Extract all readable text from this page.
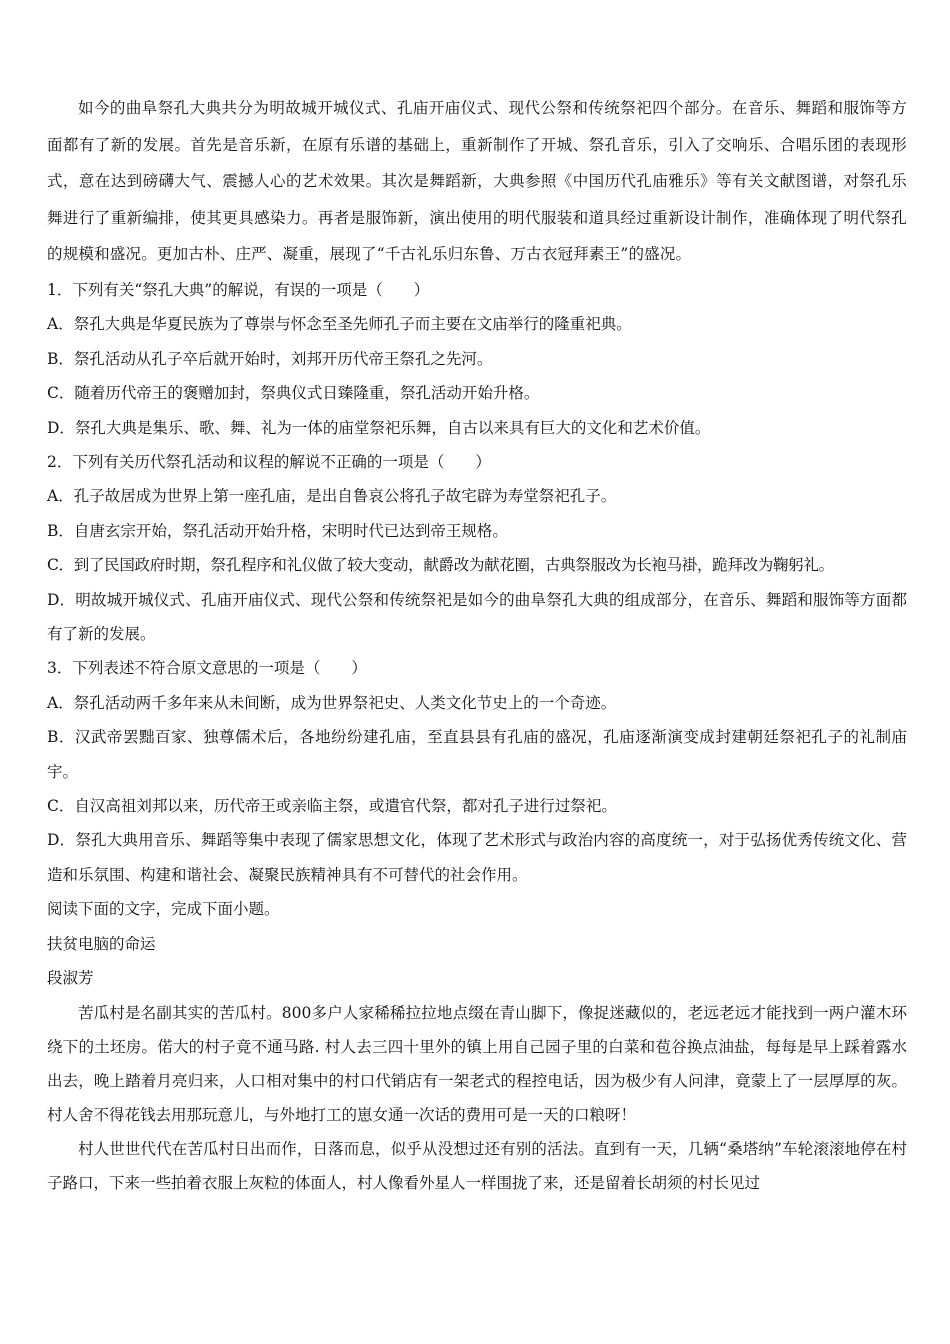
如今的曲阜祭孔大典共分为明故城开城仪式、孔庙开庙仪式、现代公祭和传统祭祀四个部分。在音乐、舞蹈和服饰等方面都有了新的发展。首先是音乐新，在原有乐谱的基础上，重新制作了开城、祭孔音乐，引入了交响乐、合唱乐团的表现形式，意在达到磅礴大气、震撼人心的艺术效果。其次是舞蹈新，大典参照《中国历代孔庙雅乐》等有关文献图谱，对祭孔乐舞进行了重新编排，使其更具感染力。再者是服饰新，演出使用的明代服装和道具经过重新设计制作，准确体现了明代祭孔的规模和盛况。更加古朴、庄严、凝重，展现了“千古礼乐归东鲁、万古衣冠拜素王”的盛况。

1．下列有关“祭孔大典”的解说，有误的一项是（　　）

A．祭孔大典是华夏民族为了尊崇与怀念至圣先师孔子而主要在文庙举行的隆重祀典。

B．祭孔活动从孔子卒后就开始时，刘邦开历代帝王祭孔之先河。

C．随着历代帝王的褒赠加封，祭典仪式日臻隆重，祭孔活动开始升格。

D．祭孔大典是集乐、歌、舞、礼为一体的庙堂祭祀乐舞，自古以来具有巨大的文化和艺术价值。

2．下列有关历代祭孔活动和议程的解说不正确的一项是（　　）

A．孔子故居成为世界上第一座孔庙，是出自鲁哀公将孔子故宅辟为寿堂祭祀孔子。

B．自唐玄宗开始，祭孔活动开始升格，宋明时代已达到帝王规格。

C．到了民国政府时期，祭孔程序和礼仪做了较大变动，献爵改为献花圈，古典祭服改为长袍马褂，跪拜改为鞠躬礼。

D．明故城开城仪式、孔庙开庙仪式、现代公祭和传统祭祀是如今的曲阜祭孔大典的组成部分，在音乐、舞蹈和服饰等方面都有了新的发展。

3．下列表述不符合原文意思的一项是（　　）

A．祭孔活动两千多年来从未间断，成为世界祭祀史、人类文化节史上的一个奇迹。

B．汉武帝罢黜百家、独尊儒术后，各地纷纷建孔庙，至直县县有孔庙的盛况，孔庙逐渐演变成封建朝廷祭祀孔子的礼制庙宇。

C．自汉高祖刘邦以来，历代帝王或亲临主祭，或遣官代祭，都对孔子进行过祭祀。

D．祭孔大典用音乐、舞蹈等集中表现了儒家思想文化，体现了艺术形式与政治内容的高度统一，对于弘扬优秀传统文化、营造和乐氛围、构建和谐社会、凝聚民族精神具有不可替代的社会作用。

阅读下面的文字，完成下面小题。

扶贫电脑的命运

段淑芳

苦瓜村是名副其实的苦瓜村。800多户人家稀稀拉拉地点缀在青山脚下，像捉迷藏似的，老远老远才能找到一两户灌木环绕下的土坯房。偌大的村子竟不通马路. 村人去三四十里外的镇上用自己园子里的白菜和苞谷换点油盐，每每是早上踩着露水出去，晚上踏着月亮归来，人口相对集中的村口代销店有一架老式的程控电话，因为极少有人问津，竟蒙上了一层厚厚的灰。村人舍不得花钱去用那玩意儿，与外地打工的崽女通一次话的费用可是一天的口粮呀！

村人世世代代在苦瓜村日出而作，日落而息，似乎从没想过还有别的活法。直到有一天，几辆“桑塔纳”车轮滚滚地停在村子路口，下来一些拍着衣服上灰粒的体面人，村人像看外星人一样围拢了来，还是留着长胡须的村长见过
